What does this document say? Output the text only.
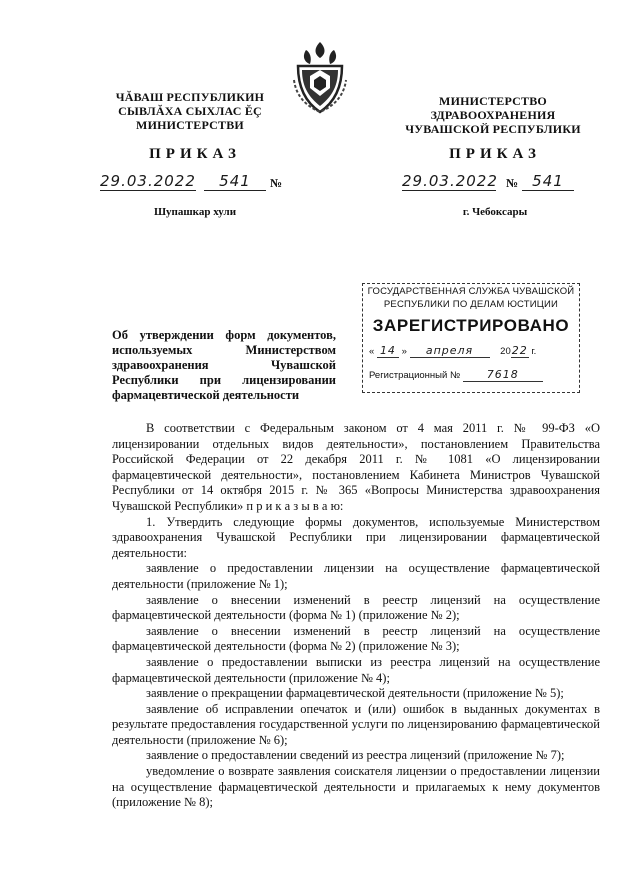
ЧĂВАШ РЕСПУБЛИКИН
СЫВЛĂХА СЫХЛАС ĔÇ
МИНИСТЕРСТВИ
ПРИКАЗ
29.03.2022	541	№
Шупашкар хули
МИНИСТЕРСТВО
ЗДРАВООХРАНЕНИЯ
ЧУВАШСКОЙ РЕСПУБЛИКИ
ПРИКАЗ
29.03.2022 № 541
г. Чебоксары
ГОСУДАРСТВЕННАЯ СЛУЖБА ЧУВАШСКОЙ
РЕСПУБЛИКИ ПО ДЕЛАМ ЮСТИЦИИ
ЗАРЕГИСТРИРОВАНО
« 14 » апреля	2022 г.
Регистрационный № 7618
Об утверждении форм документов, используемых Министерством здравоохранения Чувашской Республики при лицензировании фармацевтической деятельности

В соответствии с Федеральным законом от 4 мая 2011 г. № 99-ФЗ «О лицензировании отдельных видов деятельности», постановлением Правительства Российской Федерации от 22 декабря 2011 г. № 1081 «О лицензировании фармацевтической деятельности», постановлением Кабинета Министров Чувашской Республики от 14 октября 2015 г. № 365 «Вопросы Министерства здравоохранения Чувашской Республики» п р и к а з ы в а ю:

1. Утвердить следующие формы документов, используемые Министерством здравоохранения Чувашской Республики при лицензировании фармацевтической деятельности:

заявление о предоставлении лицензии на осуществление фармацевтической деятельности (приложение № 1);

заявление о внесении изменений в реестр лицензий на осуществление фармацевтической деятельности (форма № 1) (приложение № 2);

заявление о внесении изменений в реестр лицензий на осуществление фармацевтической деятельности (форма № 2) (приложение № 3);

заявление о предоставлении выписки из реестра лицензий на осуществление фармацевтической деятельности (приложение № 4);

заявление о прекращении фармацевтической деятельности (приложение № 5);

заявление об исправлении опечаток и (или) ошибок в выданных документах в результате предоставления государственной услуги по лицензированию фармацевтической деятельности (приложение № 6);

заявление о предоставлении сведений из реестра лицензий (приложение № 7);

уведомление о возврате заявления соискателя лицензии о предоставлении лицензии на осуществление фармацевтической деятельности и прилагаемых к нему документов (приложение № 8);
